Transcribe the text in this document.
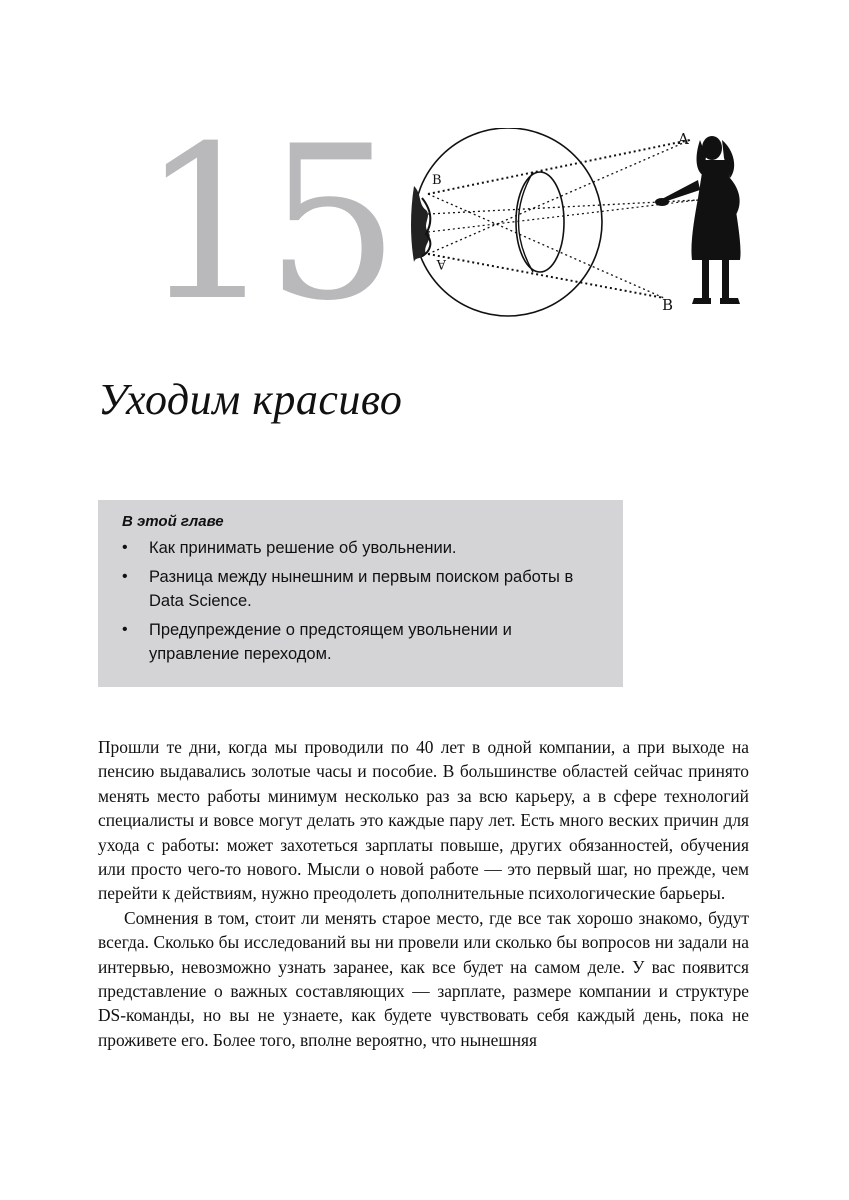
15	A
B
B
A
Уходим красиво
В этой главе
• Как принимать решение об увольнении.
• Разница между нынешним и первым поиском работы в Data Science.
• Предупреждение о предстоящем увольнении и управление переходом.

Прошли те дни, когда мы проводили по 40 лет в одной компании, а при выходе на пенсию выдавались золотые часы и пособие. В большинстве областей сейчас принято менять место работы минимум несколько раз за всю карьеру, а в сфере технологий специалисты и вовсе могут делать это каждые пару лет. Есть много веских причин для ухода с работы: может захотеться зарплаты повыше, других обязанностей, обучения или просто чего-то нового. Мысли о новой работе — это первый шаг, но прежде, чем перейти к действиям, нужно преодолеть дополнительные психологические барьеры.

Сомнения в том, стоит ли менять старое место, где все так хорошо знакомо, будут всегда. Сколько бы исследований вы ни провели или сколько бы вопросов ни задали на интервью, невозможно узнать заранее, как все будет на самом деле. У вас появится представление о важных составляющих — зарплате, размере компании и структуре DS-команды, но вы не узнаете, как будете чувствовать себя каждый день, пока не проживете его. Более того, вполне вероятно, что нынешняя
